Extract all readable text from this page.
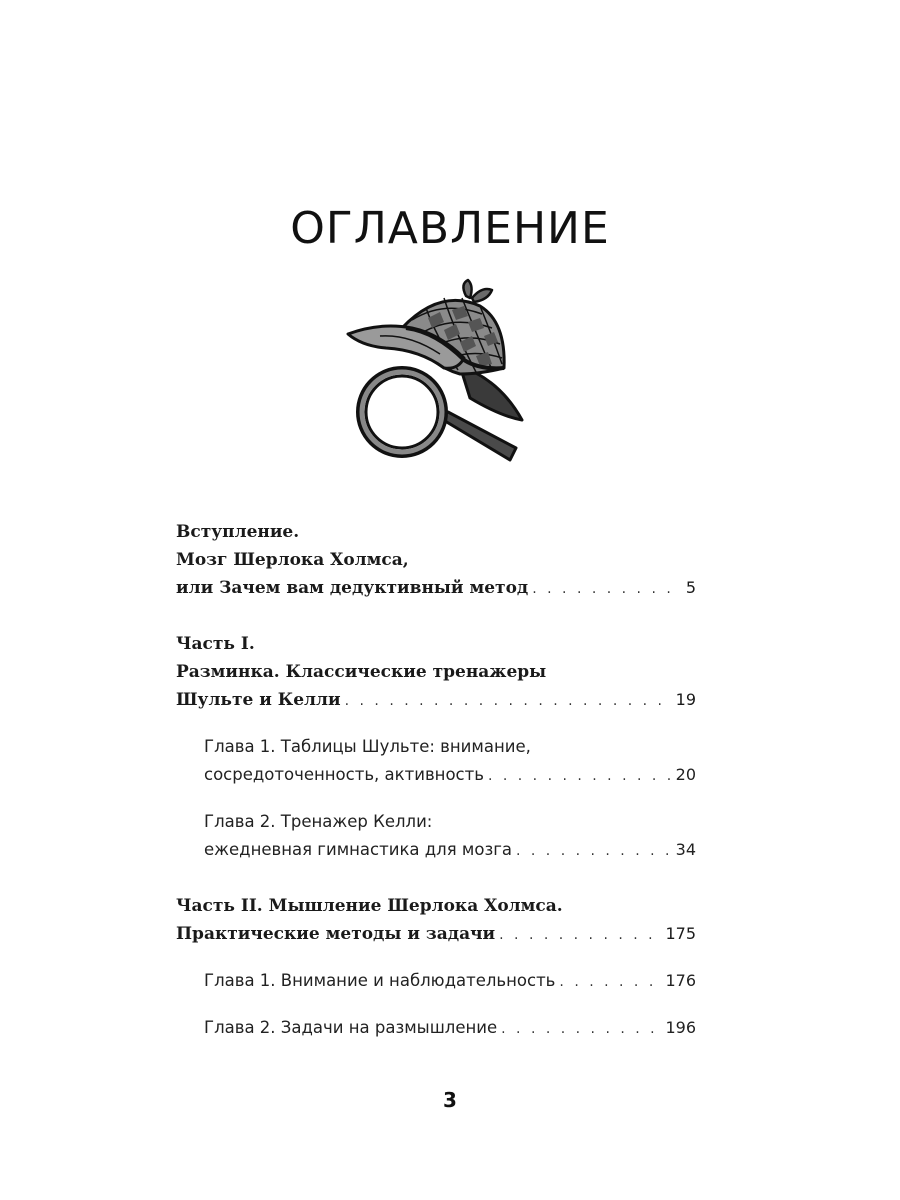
ОГЛАВЛЕНИЕ
Вступление.
Мозг Шерлока Холмса,
или Зачем вам дедуктивный метод . . .	5
Часть I.
Разминка. Классические тренажеры
Шульте и Келли . . .	19
Глава 1. Таблицы Шульте: внимание,
сосредоточенность, активность . . .	20
Глава 2. Тренажер Келли:
ежедневная гимнастика для мозга . . .	34
Часть II. Мышление Шерлока Холмса.
Практические методы и задачи . . .	175
Глава 1. Внимание и наблюдательность . . .	176
Глава 2. Задачи на размышление . . .	196
3
